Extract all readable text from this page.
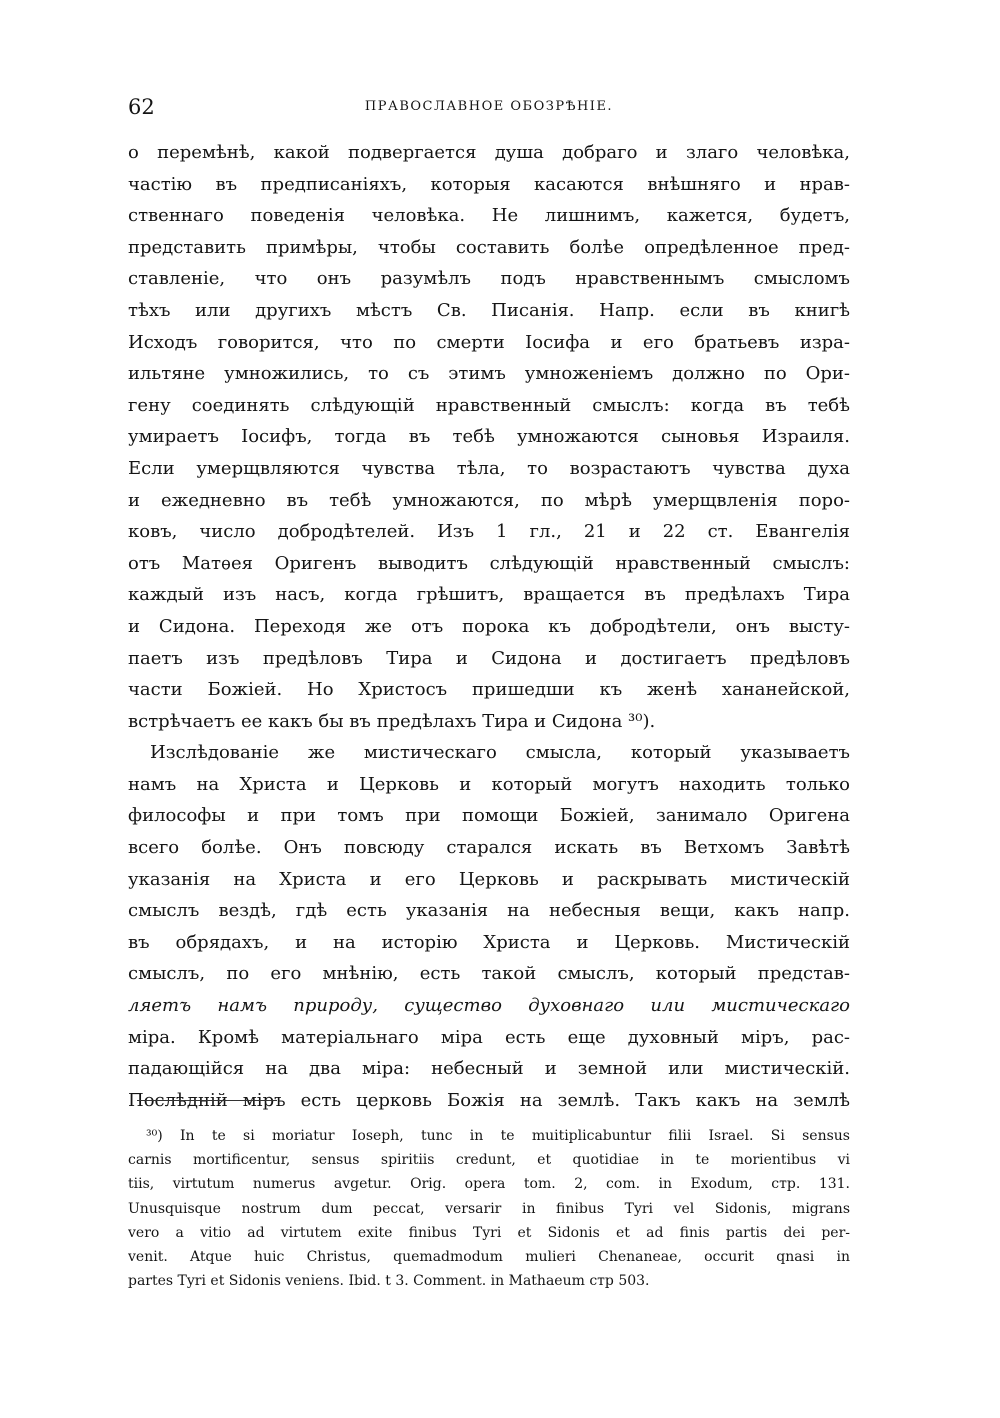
62	ПРАВОСЛАВНОЕ ОБОЗРѢНІЕ.
о перемѣнѣ, какой подвергается душа добраго и злаго человѣка,
частію въ предписаніяхъ, которыя касаются внѣшняго и нрав-
ственнаго поведенія человѣка. Не лишнимъ, кажется, будетъ,
представить примѣры, чтобы составить болѣе опредѣленное пред-
ставленіе, что онъ разумѣлъ подъ нравственнымъ смысломъ
тѣхъ или другихъ мѣстъ Св. Писанія. Напр. если въ книгѣ
Исходъ говорится, что по смерти Іосифа и его братьевъ изра-
ильтяне умножились, то съ этимъ умноженіемъ должно по Ори-
гену соединять слѣдующій нравственный смыслъ: когда въ тебѣ
умираетъ Іосифъ, тогда въ тебѣ умножаются сыновья Израиля.
Если умерщвляются чувства тѣла, то возрастаютъ чувства духа
и ежедневно въ тебѣ умножаются, по мѣрѣ умерщвленія поро-
ковъ, число добродѣтелей. Изъ 1 гл., 21 и 22 ст. Евангелія
отъ Матѳея Оригенъ выводитъ слѣдующій нравственный смыслъ:
каждый изъ насъ, когда грѣшитъ, вращается въ предѣлахъ Тира
и Сидона. Переходя же отъ порока къ добродѣтели, онъ высту-
паетъ изъ предѣловъ Тира и Сидона и достигаетъ предѣловъ
части Божіей. Но Христосъ пришедши къ женѣ хананейской,
встрѣчаетъ ее какъ бы въ предѣлахъ Тира и Сидона ³⁰).
Изслѣдованіе же мистическаго смысла, который указываетъ
намъ на Христа и Церковь и который могутъ находить только
философы и при томъ при помощи Божіей, занимало Оригена
всего болѣе. Онъ повсюду старался искать въ Ветхомъ Завѣтѣ
указанія на Христа и его Церковь и раскрывать мистическій
смыслъ вездѣ, гдѣ есть указанія на небесныя вещи, какъ напр.
въ обрядахъ, и на исторію Христа и Церковь. Мистическій
смыслъ, по его мнѣнію, есть такой смыслъ, который представ-
ляетъ намъ природу, существо духовнаго или мистическаго
міра. Кромѣ матеріальнаго міра есть еще духовный міръ, рас-
падающійся на два міра: небесный и земной или мистическій.
Послѣдній міръ есть церковь Божія на землѣ. Такъ какъ на землѣ
³⁰) In te si moriatur Ioseph, tunc in te muitiplicabuntur filii Israel. Si sensus
carnis mortificentur, sensus spiritiis credunt, et quotidiae in te morientibus vi
tiis, virtutum numerus avgetur. Orig. opera tom. 2, com. in Exodum, стр. 131.
Unusquisque nostrum dum peccat, versarir in finibus Tyri vel Sidonis, migrans
vero a vitio ad virtutem exite finibus Tyri et Sidonis et ad finis partis dei per-
venit. Atque huic Christus, quemadmodum mulieri Chenaneae, occurit qnasi in
partes Tyri et Sidonis veniens. Ibid. t 3. Comment. in Mathaeum стр 503.
